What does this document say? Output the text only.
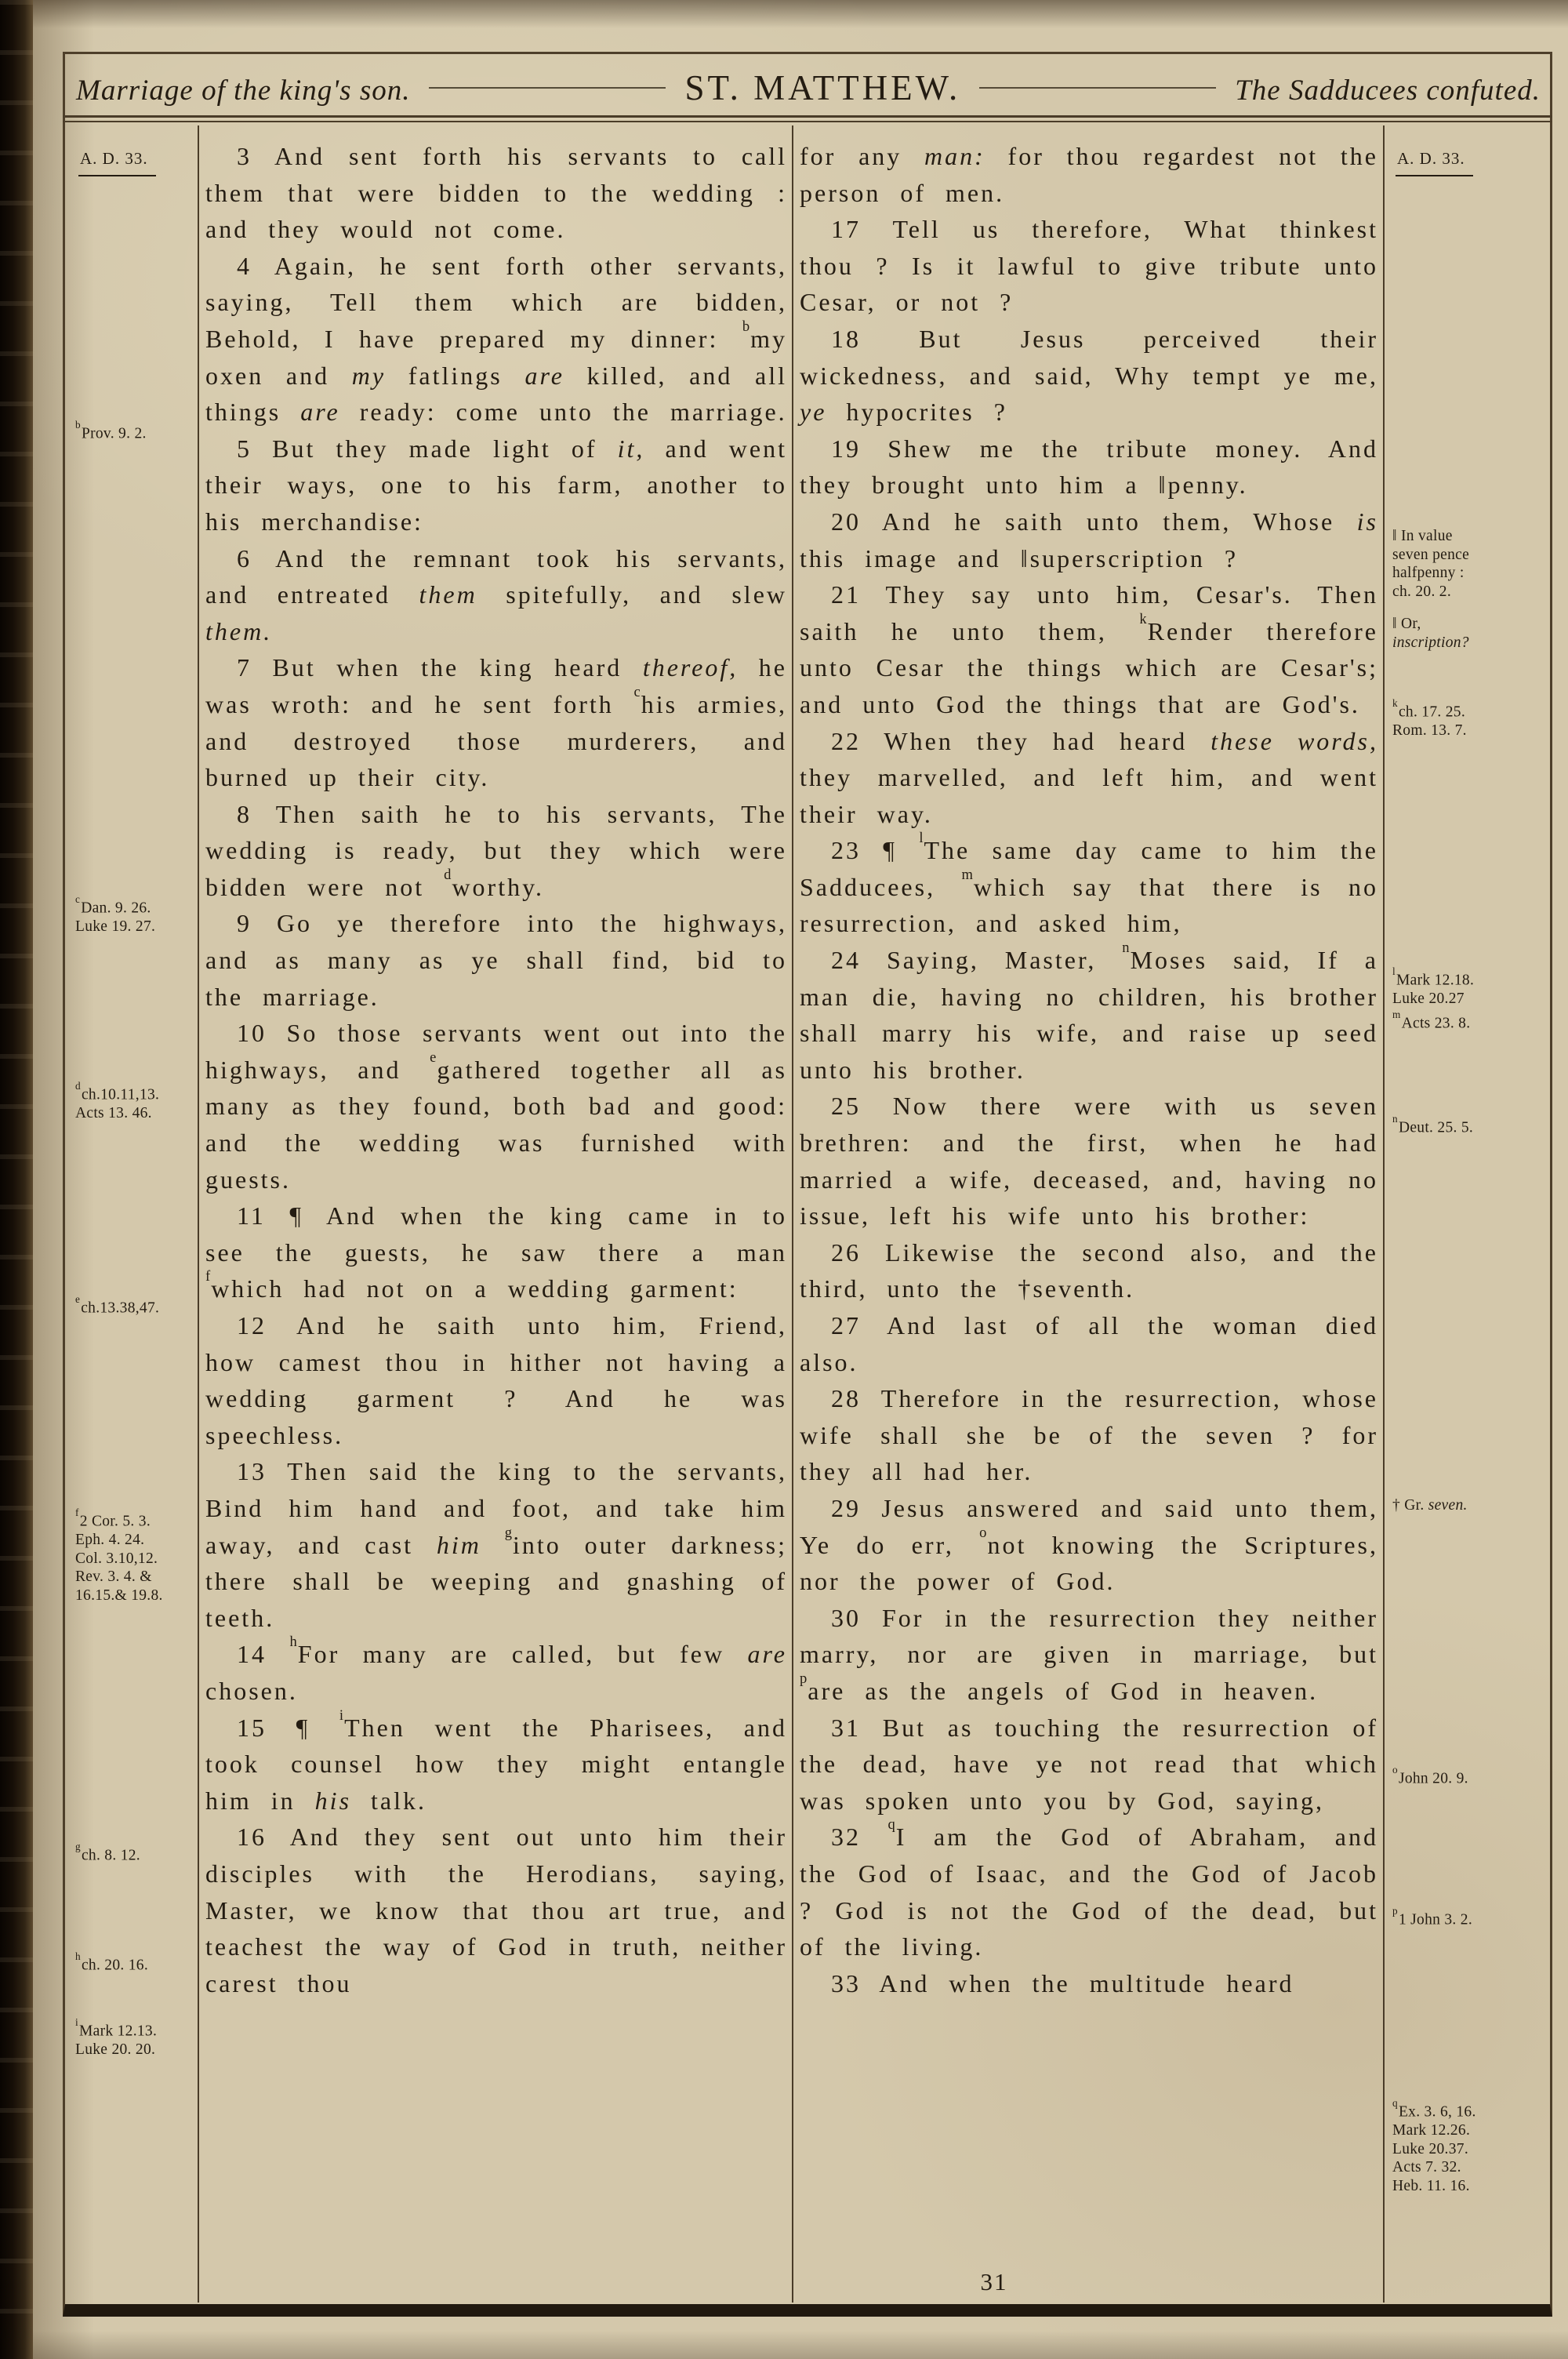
Marriage of the king's son.	ST. MATTHEW.	The Sadducees confuted.
A. D. 33.
$^b$Prov. 9. 2.
$^c$Dan. 9. 26.
Luke 19. 27.
$^d$ch.10.11,13.
Acts 13. 46.
$^e$ch.13.38,47.
$^f$2 Cor. 5. 3.
Eph. 4. 24.
Col. 3.10,12.
Rev. 3. 4. &
16.15.& 19.8.
$^g$ch. 8. 12.
$^h$ch. 20. 16.
$^i$Mark 12.13.
Luke 20. 20.

3 And sent forth his servants to call them that were bidden to the wedding : and they would not come.

4 Again, he sent forth other servants, saying, Tell them which are bidden, Behold, I have prepared my dinner: $^b$my oxen and my fatlings are killed, and all things are ready: come unto the marriage.

5 But they made light of it, and went their ways, one to his farm, another to his merchandise:

6 And the remnant took his servants, and entreated them spitefully, and slew them.

7 But when the king heard thereof, he was wroth: and he sent forth $^c$his armies, and destroyed those murderers, and burned up their city.

8 Then saith he to his servants, The wedding is ready, but they which were bidden were not $^d$worthy.

9 Go ye therefore into the highways, and as many as ye shall find, bid to the marriage.

10 So those servants went out into the highways, and $^e$gathered together all as many as they found, both bad and good: and the wedding was furnished with guests.

11 ¶ And when the king came in to see the guests, he saw there a man $^f$which had not on a wedding garment:

12 And he saith unto him, Friend, how camest thou in hither not having a wedding garment ? And he was speechless.

13 Then said the king to the servants, Bind him hand and foot, and take him away, and cast him $^g$into outer darkness; there shall be weeping and gnashing of teeth.

14 $^h$For many are called, but few are chosen.

15 ¶ $^i$Then went the Pharisees, and took counsel how they might entangle him in his talk.

16 And they sent out unto him their disciples with the Herodians, saying, Master, we know that thou art true, and teachest the way of God in truth, neither carest thou

for any man: for thou regardest not the person of men.

17 Tell us therefore, What thinkest thou ? Is it lawful to give tribute unto Cesar, or not ?

18 But Jesus perceived their wickedness, and said, Why tempt ye me, ye hypocrites ?

19 Shew me the tribute money. And they brought unto him a ‖penny.

20 And he saith unto them, Whose is this image and ‖superscription ?

21 They say unto him, Cesar's. Then saith he unto them, $^k$Render therefore unto Cesar the things which are Cesar's; and unto God the things that are God's.

22 When they had heard these words, they marvelled, and left him, and went their way.

23 ¶ $^l$The same day came to him the Sadducees, $^m$which say that there is no resurrection, and asked him,

24 Saying, Master, $^n$Moses said, If a man die, having no children, his brother shall marry his wife, and raise up seed unto his brother.

25 Now there were with us seven brethren: and the first, when he had married a wife, deceased, and, having no issue, left his wife unto his brother:

26 Likewise the second also, and the third, unto the †seventh.

27 And last of all the woman died also.

28 Therefore in the resurrection, whose wife shall she be of the seven ? for they all had her.

29 Jesus answered and said unto them, Ye do err, $^o$not knowing the Scriptures, nor the power of God.

30 For in the resurrection they neither marry, nor are given in marriage, but $^p$are as the angels of God in heaven.

31 But as touching the resurrection of the dead, have ye not read that which was spoken unto you by God, saying,

32 $^q$I am the God of Abraham, and the God of Isaac, and the God of Jacob ? God is not the God of the dead, but of the living.

33 And when the multitude heard

A. D. 33.
‖ In value
seven pence
halfpenny :
ch. 20. 2.
‖ Or,
inscription?
$^k$ch. 17. 25.
Rom. 13. 7.
$^l$Mark 12.18.
Luke 20.27
$^m$Acts 23. 8.
$^n$Deut. 25. 5.
† Gr. seven.
$^o$John 20. 9.
$^p$1 John 3. 2.
$^q$Ex. 3. 6, 16.
Mark 12.26.
Luke 20.37.
Acts 7. 32.
Heb. 11. 16.
31
